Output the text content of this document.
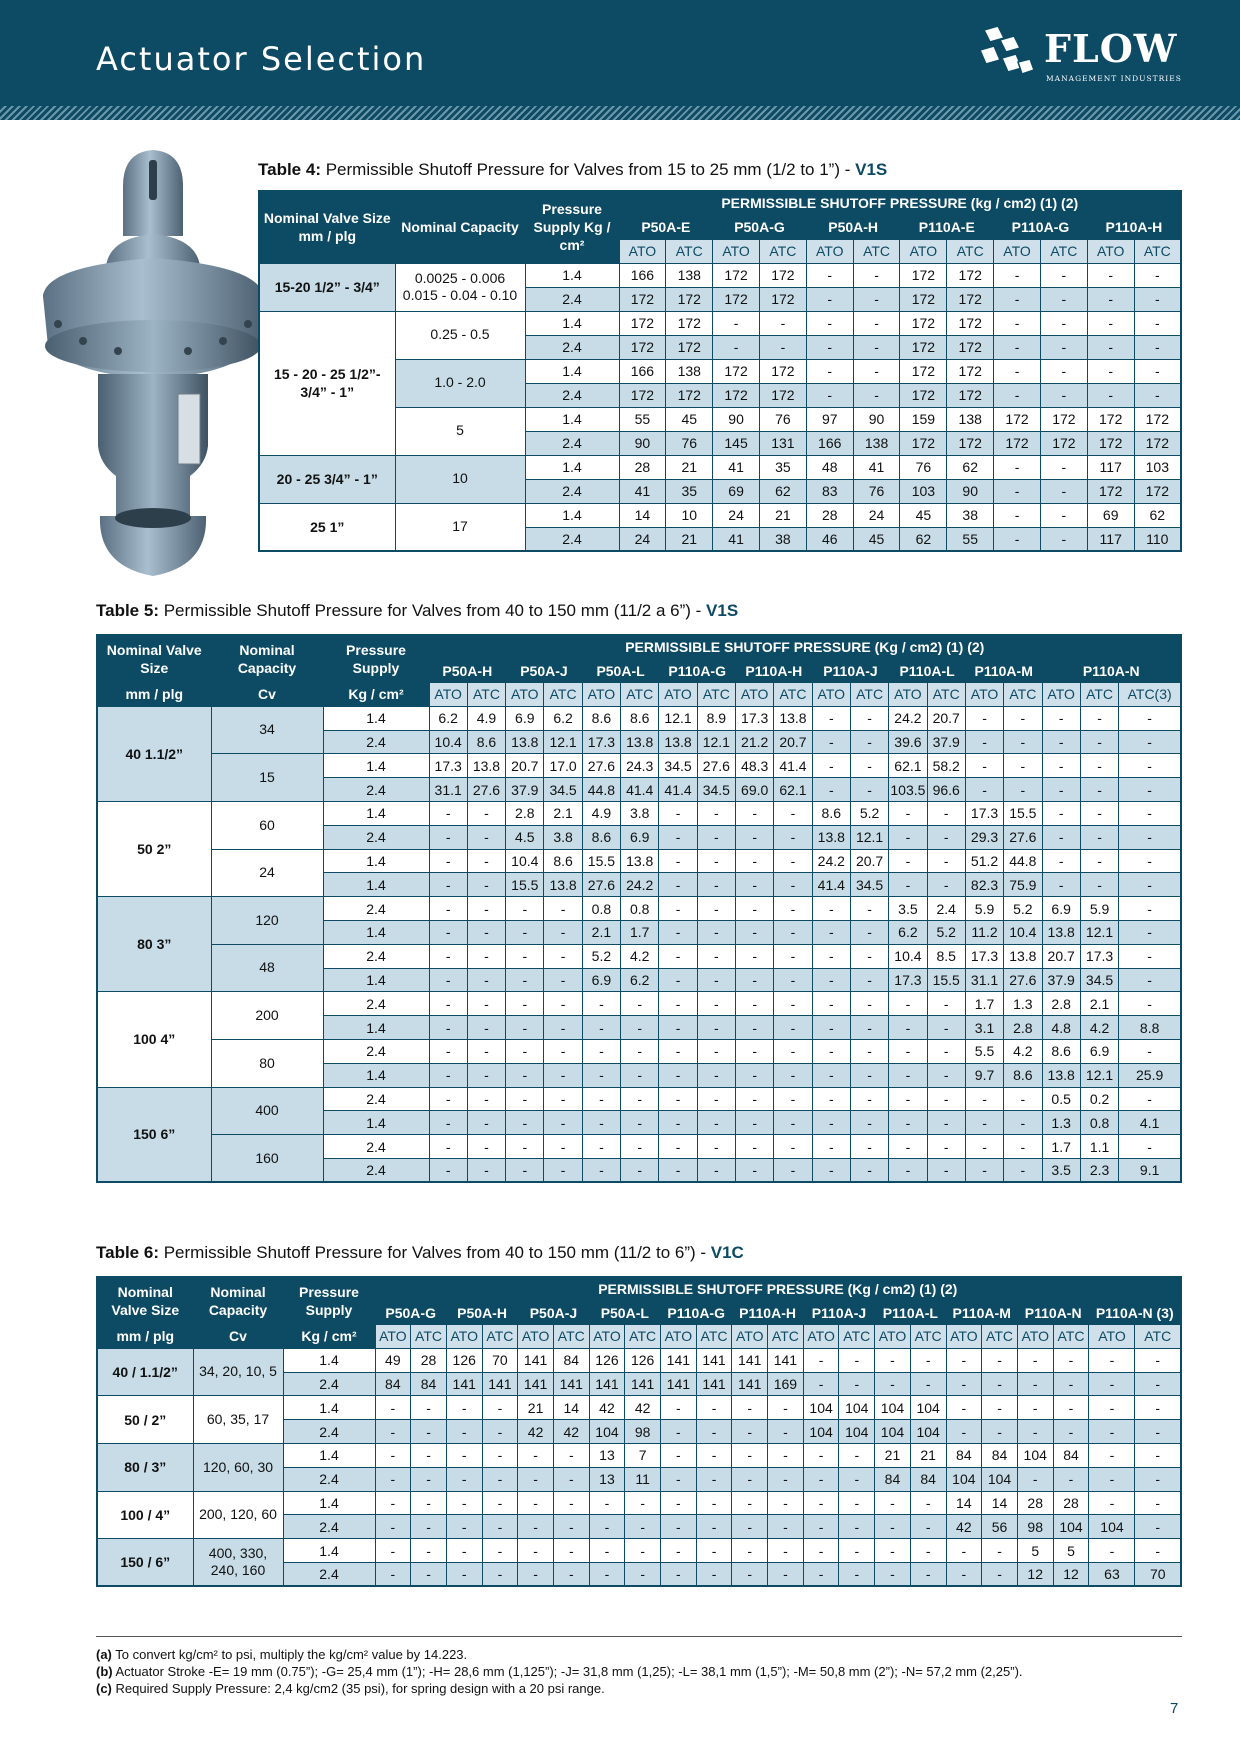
Actuator Selection	FLOW
MANAGEMENT INDUSTRIES
Table 4: Permissible Shutoff Pressure for Valves from 15 to 25 mm (1/2 to 1”) - V1S
Nominal Valve Size mm / plg	Nominal Capacity	Pressure Supply Kg / cm²	PERMISSIBLE SHUTOFF PRESSURE (kg / cm2) (1) (2)											
			P50A-E		P50A-G		P50A-H		P110A-E		P110A-G		P110A-H	
			ATO	ATC	ATO	ATC	ATO	ATC	ATO	ATC	ATO	ATC	ATO	ATC
15-20 1/2” - 3/4”	0.0025 - 0.006 0.015 - 0.04 - 0.10	1.4	166	138	172	172	-	-	172	172	-	-	-	-
		2.4	172	172	172	172	-	-	172	172	-	-	-	-
15 - 20 - 25 1/2”- 3/4” - 1”	0.25 - 0.5	1.4	172	172	-	-	-	-	172	172	-	-	-	-
		2.4	172	172	-	-	-	-	172	172	-	-	-	-
	1.0 - 2.0	1.4	166	138	172	172	-	-	172	172	-	-	-	-
		2.4	172	172	172	172	-	-	172	172	-	-	-	-
	5	1.4	55	45	90	76	97	90	159	138	172	172	172	172
		2.4	90	76	145	131	166	138	172	172	172	172	172	172
20 - 25 3/4” - 1”	10	1.4	28	21	41	35	48	41	76	62	-	-	117	103
		2.4	41	35	69	62	83	76	103	90	-	-	172	172
25 1”	17	1.4	14	10	24	21	28	24	45	38	-	-	69	62
		2.4	24	21	41	38	46	45	62	55	-	-	117	110
Table 5: Permissible Shutoff Pressure for Valves from 40 to 150 mm (11/2 a 6”) - V1S
Nominal Valve Size	Nominal Capacity	Pressure Supply	PERMISSIBLE SHUTOFF PRESSURE (Kg / cm2) (1) (2)																		
			P50A-H		P50A-J		P50A-L		P110A-G		P110A-H		P110A-J		P110A-L		P110A-M		P110A-N		
mm / plg	Cv	Kg / cm²	ATO	ATC	ATO	ATC	ATO	ATC	ATO	ATC	ATO	ATC	ATO	ATC	ATO	ATC	ATO	ATC	ATO	ATC	ATC(3)
40 1.1/2”	34	1.4	6.2	4.9	6.9	6.2	8.6	8.6	12.1	8.9	17.3	13.8	-	-	24.2	20.7	-	-	-	-	-
		2.4	10.4	8.6	13.8	12.1	17.3	13.8	13.8	12.1	21.2	20.7	-	-	39.6	37.9	-	-	-	-	-
	15	1.4	17.3	13.8	20.7	17.0	27.6	24.3	34.5	27.6	48.3	41.4	-	-	62.1	58.2	-	-	-	-	-
		2.4	31.1	27.6	37.9	34.5	44.8	41.4	41.4	34.5	69.0	62.1	-	-	103.5	96.6	-	-	-	-	-
50 2”	60	1.4	-	-	2.8	2.1	4.9	3.8	-	-	-	-	8.6	5.2	-	-	17.3	15.5	-	-	-
		2.4	-	-	4.5	3.8	8.6	6.9	-	-	-	-	13.8	12.1	-	-	29.3	27.6	-	-	-
	24	1.4	-	-	10.4	8.6	15.5	13.8	-	-	-	-	24.2	20.7	-	-	51.2	44.8	-	-	-
		1.4	-	-	15.5	13.8	27.6	24.2	-	-	-	-	41.4	34.5	-	-	82.3	75.9	-	-	-
80 3”	120	2.4	-	-	-	-	0.8	0.8	-	-	-	-	-	-	3.5	2.4	5.9	5.2	6.9	5.9	-
		1.4	-	-	-	-	2.1	1.7	-	-	-	-	-	-	6.2	5.2	11.2	10.4	13.8	12.1	-
	48	2.4	-	-	-	-	5.2	4.2	-	-	-	-	-	-	10.4	8.5	17.3	13.8	20.7	17.3	-
		1.4	-	-	-	-	6.9	6.2	-	-	-	-	-	-	17.3	15.5	31.1	27.6	37.9	34.5	-
100 4”	200	2.4	-	-	-	-	-	-	-	-	-	-	-	-	-	-	1.7	1.3	2.8	2.1	-
		1.4	-	-	-	-	-	-	-	-	-	-	-	-	-	-	3.1	2.8	4.8	4.2	8.8
	80	2.4	-	-	-	-	-	-	-	-	-	-	-	-	-	-	5.5	4.2	8.6	6.9	-
		1.4	-	-	-	-	-	-	-	-	-	-	-	-	-	-	9.7	8.6	13.8	12.1	25.9
150 6”	400	2.4	-	-	-	-	-	-	-	-	-	-	-	-	-	-	-	-	0.5	0.2	-
		1.4	-	-	-	-	-	-	-	-	-	-	-	-	-	-	-	-	1.3	0.8	4.1
	160	2.4	-	-	-	-	-	-	-	-	-	-	-	-	-	-	-	-	1.7	1.1	-
		2.4	-	-	-	-	-	-	-	-	-	-	-	-	-	-	-	-	3.5	2.3	9.1
Table 6: Permissible Shutoff Pressure for Valves from 40 to 150 mm (11/2 to 6”) - V1C
Nominal Valve Size	Nominal Capacity	Pressure Supply	PERMISSIBLE SHUTOFF PRESSURE (Kg / cm2) (1) (2)																					
			P50A-G		P50A-H		P50A-J		P50A-L		P110A-G		P110A-H		P110A-J		P110A-L		P110A-M		P110A-N		P110A-N (3)	
mm / plg	Cv	Kg / cm²	ATO	ATC	ATO	ATC	ATO	ATC	ATO	ATC	ATO	ATC	ATO	ATC	ATO	ATC	ATO	ATC	ATO	ATC	ATO	ATC	ATO	ATC
40 / 1.1/2”	34, 20, 10, 5	1.4	49	28	126	70	141	84	126	126	141	141	141	141	-	-	-	-	-	-	-	-	-	-
		2.4	84	84	141	141	141	141	141	141	141	141	141	169	-	-	-	-	-	-	-	-	-	-
50 / 2”	60, 35, 17	1.4	-	-	-	-	21	14	42	42	-	-	-	-	104	104	104	104	-	-	-	-	-	-
		2.4	-	-	-	-	42	42	104	98	-	-	-	-	104	104	104	104	-	-	-	-	-	-
80 / 3”	120, 60, 30	1.4	-	-	-	-	-	-	13	7	-	-	-	-	-	-	21	21	84	84	104	84	-	-
		2.4	-	-	-	-	-	-	13	11	-	-	-	-	-	-	84	84	104	104	-	-	-	-
100 / 4”	200, 120, 60	1.4	-	-	-	-	-	-	-	-	-	-	-	-	-	-	-	-	14	14	28	28	-	-
		2.4	-	-	-	-	-	-	-	-	-	-	-	-	-	-	-	-	42	56	98	104	104	-
150 / 6”	400, 330, 240, 160	1.4	-	-	-	-	-	-	-	-	-	-	-	-	-	-	-	-	-	-	5	5	-	-
		2.4	-	-	-	-	-	-	-	-	-	-	-	-	-	-	-	-	-	-	12	12	63	70
(a) To convert kg/cm² to psi, multiply the kg/cm² value by 14.223.
(b) Actuator Stroke -E= 19 mm (0.75”); -G= 25,4 mm (1”); -H= 28,6 mm (1,125”); -J= 31,8 mm (1,25); -L= 38,1 mm (1,5”); -M= 50,8 mm (2”); -N= 57,2 mm (2,25”).
(c) Required Supply Pressure: 2,4 kg/cm2 (35 psi), for spring design with a 20 psi range.
7
